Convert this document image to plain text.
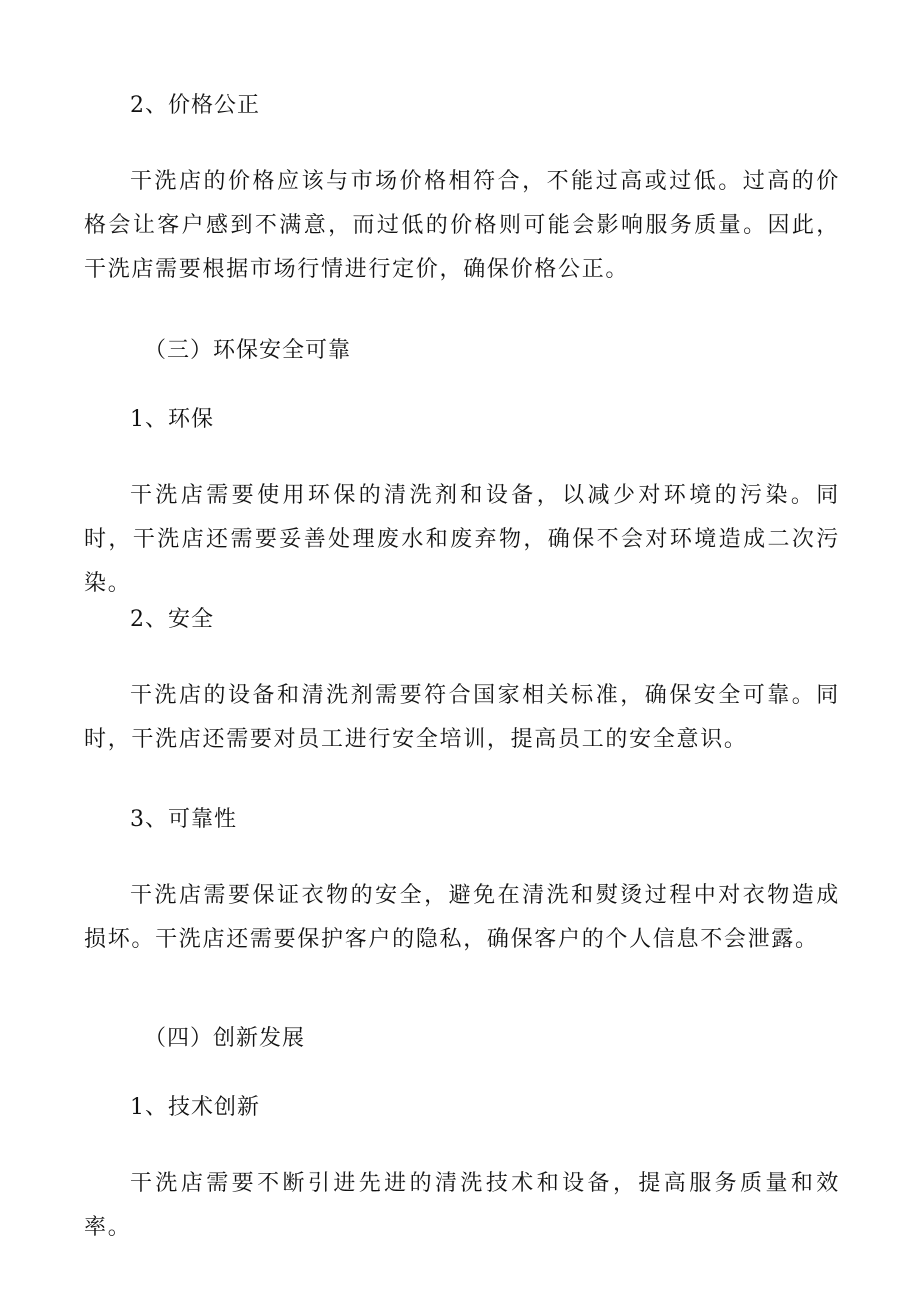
2、价格公正
干洗店的价格应该与市场价格相符合，不能过高或过低。过高的价格会让客户感到不满意，而过低的价格则可能会影响服务质量。因此，干洗店需要根据市场行情进行定价，确保价格公正。
（三）环保安全可靠
1、环保
干洗店需要使用环保的清洗剂和设备，以减少对环境的污染。同时，干洗店还需要妥善处理废水和废弃物，确保不会对环境造成二次污染。
2、安全
干洗店的设备和清洗剂需要符合国家相关标准，确保安全可靠。同时，干洗店还需要对员工进行安全培训，提高员工的安全意识。
3、可靠性
干洗店需要保证衣物的安全，避免在清洗和熨烫过程中对衣物造成损坏。干洗店还需要保护客户的隐私，确保客户的个人信息不会泄露。
（四）创新发展
1、技术创新
干洗店需要不断引进先进的清洗技术和设备，提高服务质量和效率。
